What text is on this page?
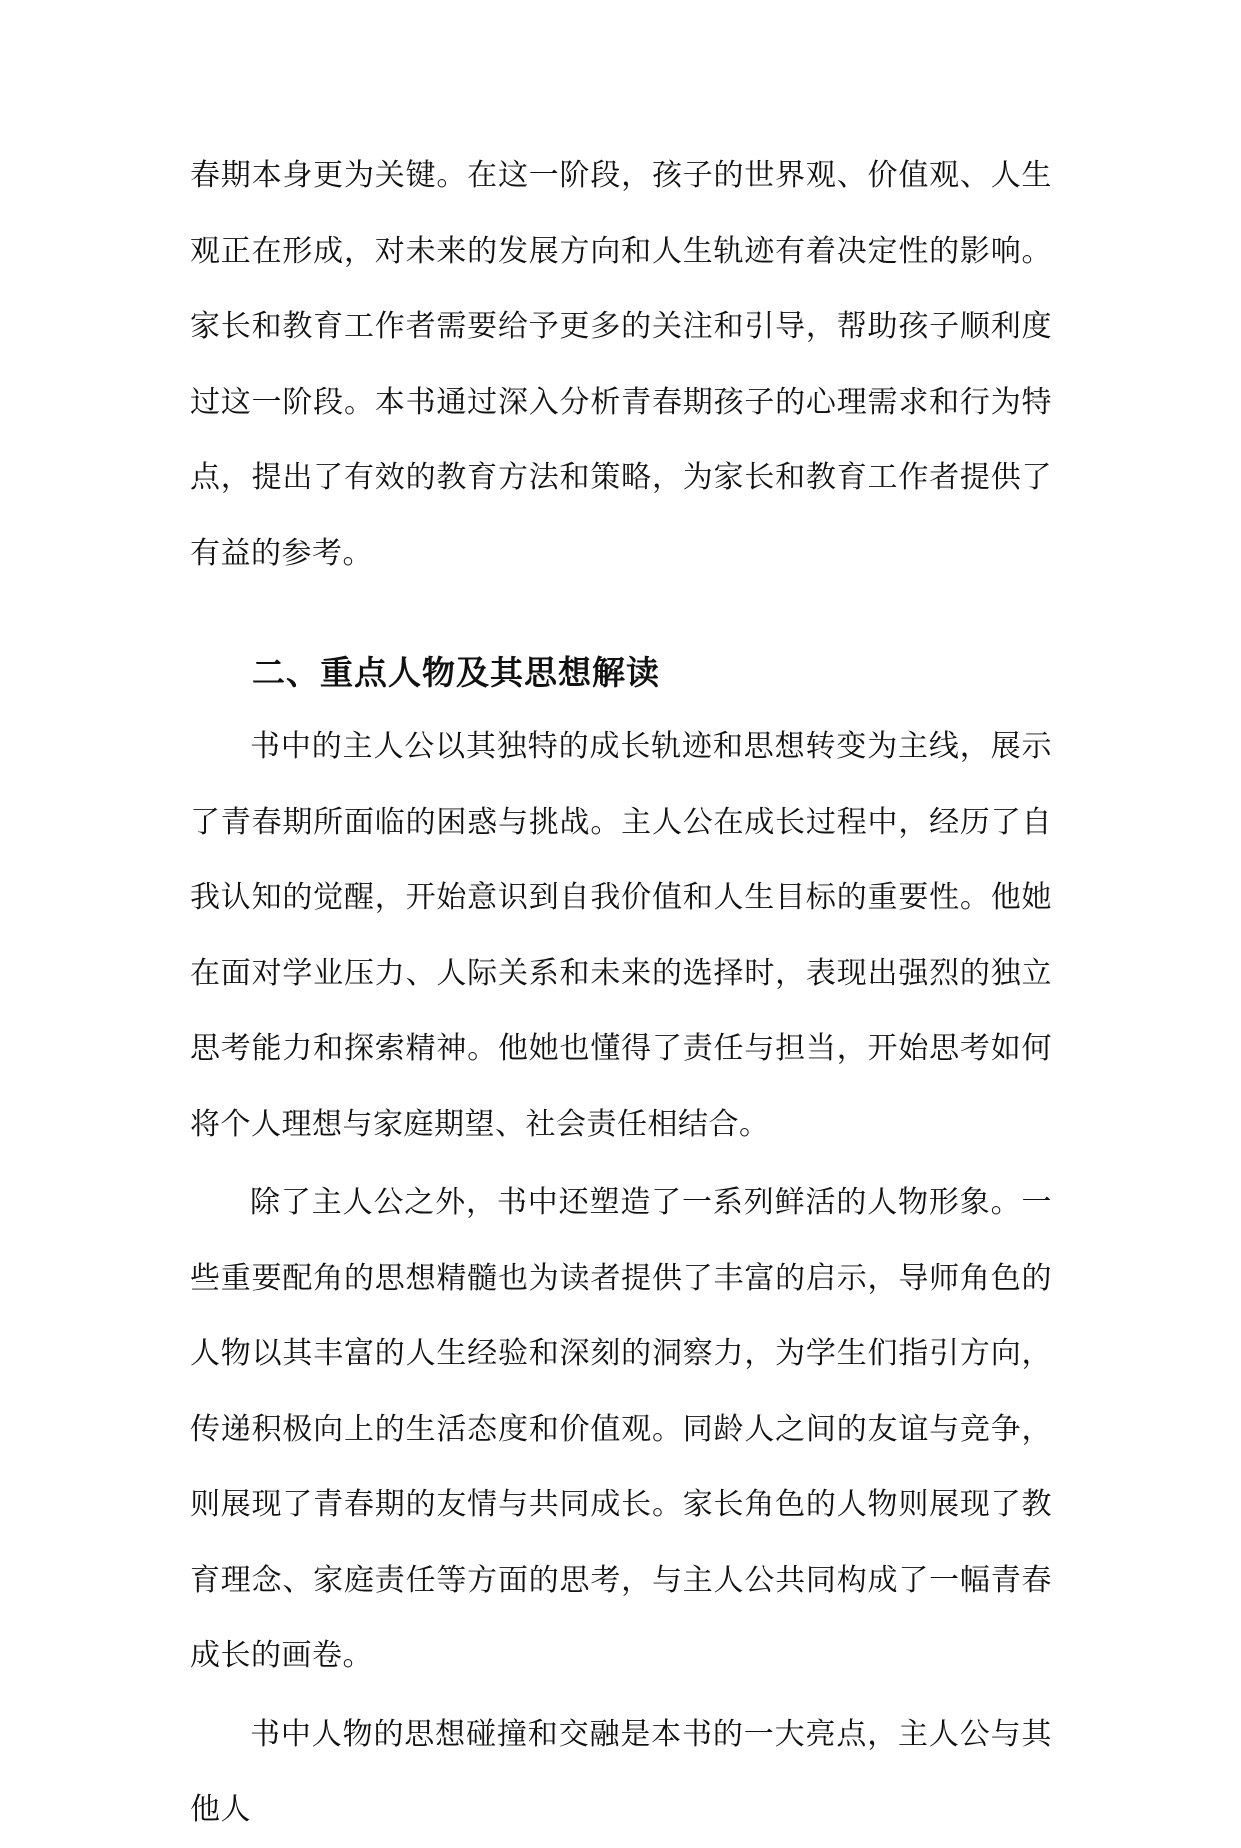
春期本身更为关键。在这一阶段，孩子的世界观、价值观、人生观正在形成，对未来的发展方向和人生轨迹有着决定性的影响。家长和教育工作者需要给予更多的关注和引导，帮助孩子顺利度过这一阶段。本书通过深入分析青春期孩子的心理需求和行为特点，提出了有效的教育方法和策略，为家长和教育工作者提供了有益的参考。

二、重点人物及其思想解读

书中的主人公以其独特的成长轨迹和思想转变为主线，展示了青春期所面临的困惑与挑战。主人公在成长过程中，经历了自我认知的觉醒，开始意识到自我价值和人生目标的重要性。他她在面对学业压力、人际关系和未来的选择时，表现出强烈的独立思考能力和探索精神。他她也懂得了责任与担当，开始思考如何将个人理想与家庭期望、社会责任相结合。

除了主人公之外，书中还塑造了一系列鲜活的人物形象。一些重要配角的思想精髓也为读者提供了丰富的启示，导师角色的人物以其丰富的人生经验和深刻的洞察力，为学生们指引方向，传递积极向上的生活态度和价值观。同龄人之间的友谊与竞争，则展现了青春期的友情与共同成长。家长角色的人物则展现了教育理念、家庭责任等方面的思考，与主人公共同构成了一幅青春成长的画卷。

书中人物的思想碰撞和交融是本书的一大亮点，主人公与其他人
